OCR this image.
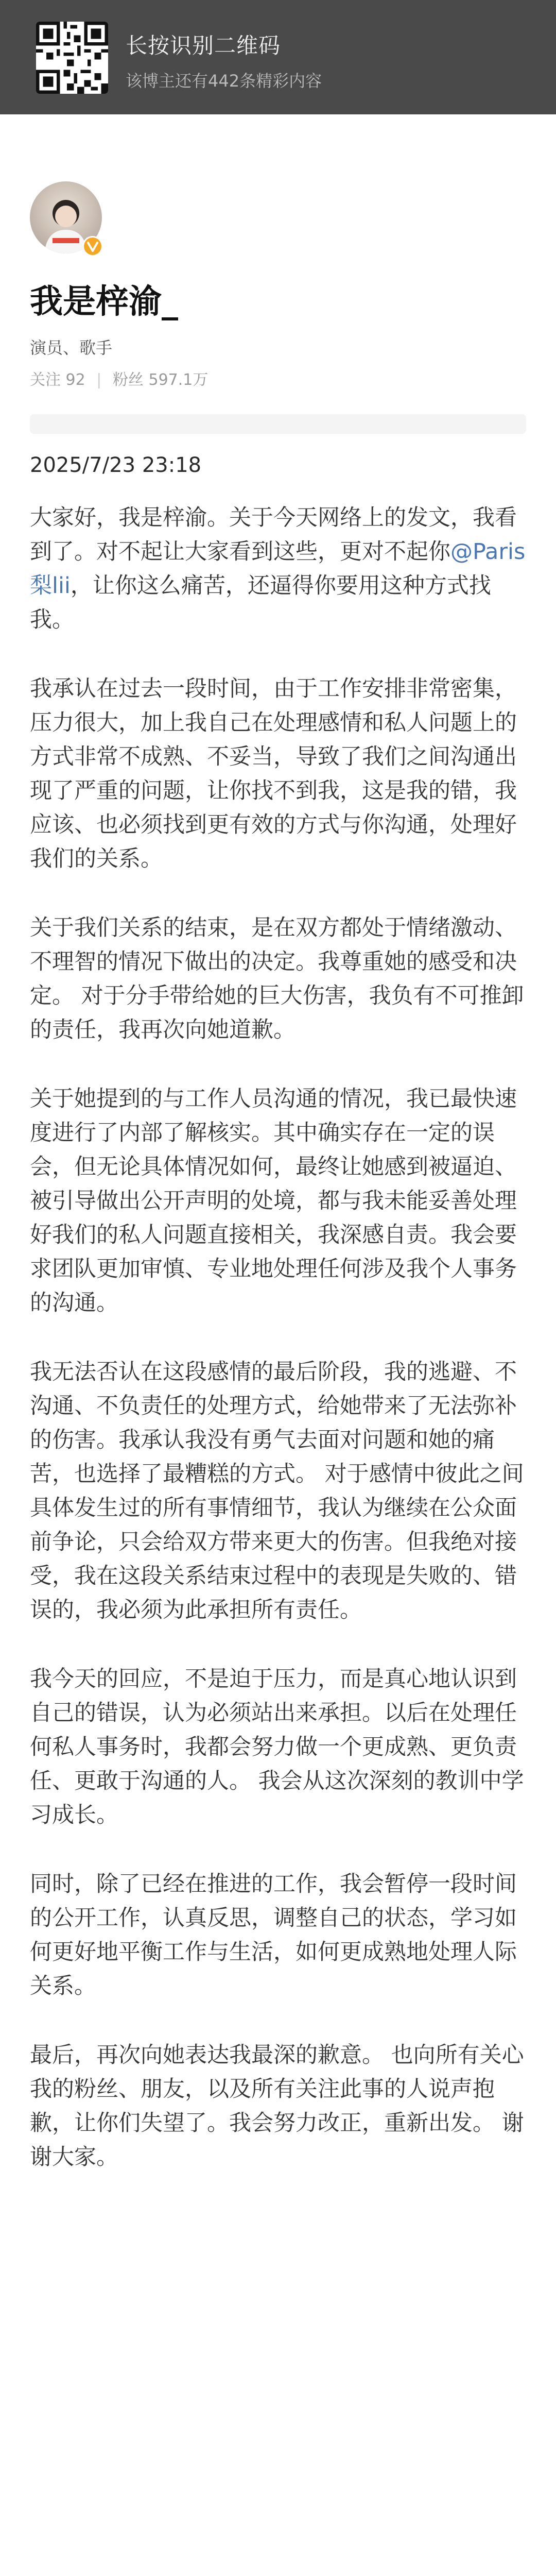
长按识别二维码
该博主还有442条精彩内容
我是梓渝_
演员、歌手
关注 92 | 粉丝 597.1万
2025/7/23 23:18

大家好，我是梓渝。关于今天网络上的发文，我看到了。对不起让大家看到这些，更对不起你@Paris梨lii，让你这么痛苦，还逼得你要用这种方式找我。

我承认在过去一段时间，由于工作安排非常密集，压力很大，加上我自己在处理感情和私人问题上的方式非常不成熟、不妥当，导致了我们之间沟通出现了严重的问题，让你找不到我，这是我的错，我应该、也必须找到更有效的方式与你沟通，处理好我们的关系。

关于我们关系的结束，是在双方都处于情绪激动、不理智的情况下做出的决定。我尊重她的感受和决定。 对于分手带给她的巨大伤害，我负有不可推卸的责任，我再次向她道歉。

关于她提到的与工作人员沟通的情况，我已最快速度进行了内部了解核实。其中确实存在一定的误会，但无论具体情况如何，最终让她感到被逼迫、被引导做出公开声明的处境，都与我未能妥善处理好我们的私人问题直接相关，我深感自责。我会要求团队更加审慎、专业地处理任何涉及我个人事务的沟通。

我无法否认在这段感情的最后阶段，我的逃避、不沟通、不负责任的处理方式，给她带来了无法弥补的伤害。我承认我没有勇气去面对问题和她的痛苦，也选择了最糟糕的方式。 对于感情中彼此之间具体发生过的所有事情细节，我认为继续在公众面前争论，只会给双方带来更大的伤害。但我绝对接受，我在这段关系结束过程中的表现是失败的、错误的，我必须为此承担所有责任。

我今天的回应，不是迫于压力，而是真心地认识到自己的错误，认为必须站出来承担。以后在处理任何私人事务时，我都会努力做一个更成熟、更负责任、更敢于沟通的人。 我会从这次深刻的教训中学习成长。

同时，除了已经在推进的工作，我会暂停一段时间的公开工作，认真反思，调整自己的状态，学习如何更好地平衡工作与生活，如何更成熟地处理人际关系。

最后，再次向她表达我最深的歉意。 也向所有关心我的粉丝、朋友，以及所有关注此事的人说声抱歉，让你们失望了。我会努力改正，重新出发。 谢谢大家。
